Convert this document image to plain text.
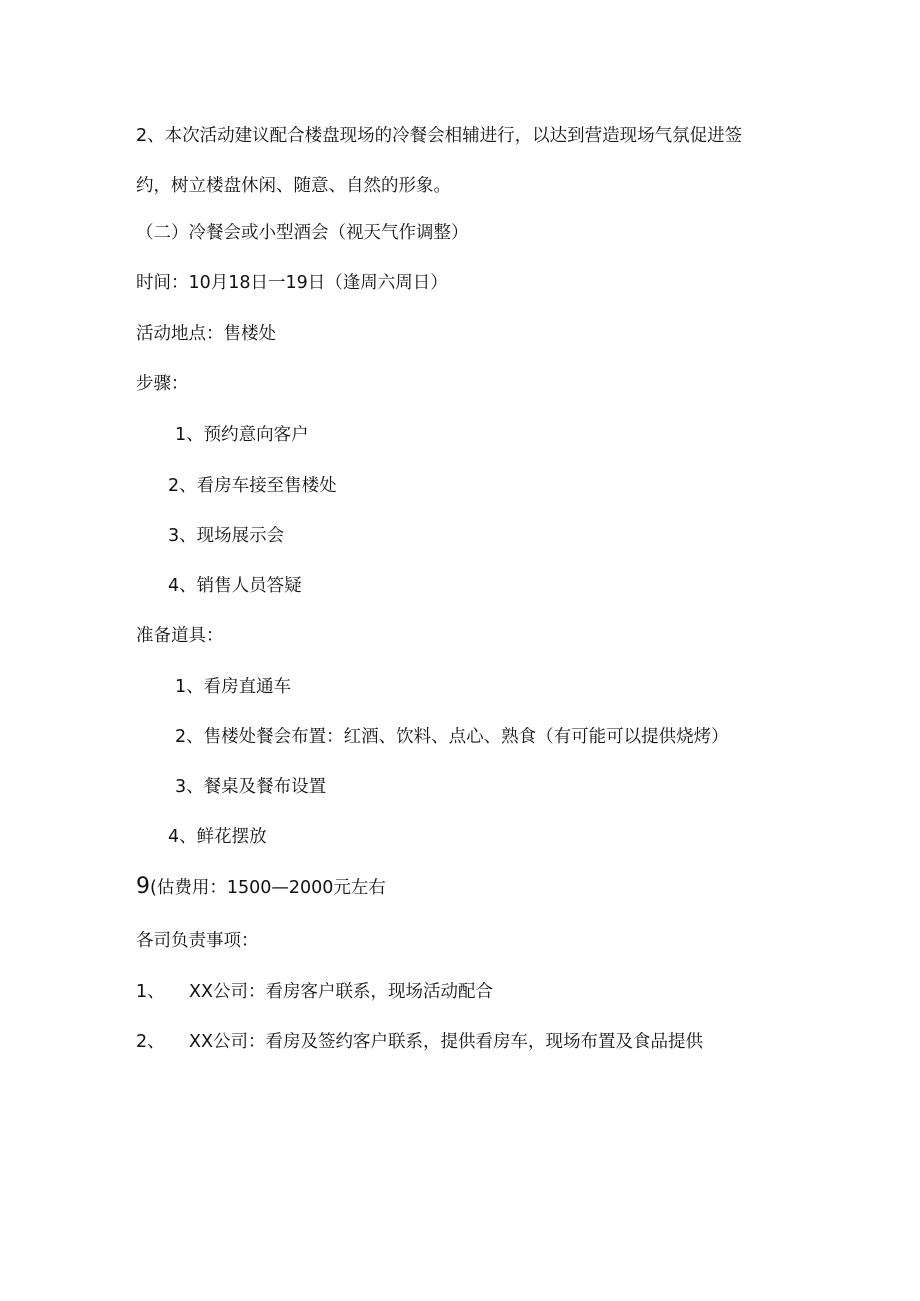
2、本次活动建议配合楼盘现场的冷餐会相辅进行，以达到营造现场气氛促进签

约，树立楼盘休闲、随意、自然的形象。

（二）冷餐会或小型酒会（视天气作调整）

时间：10月18日一19日（逢周六周日）

活动地点：售楼处

步骤：

1、预约意向客户

2、看房车接至售楼处

3、现场展示会

4、销售人员答疑

准备道具：

1、看房直通车

2、售楼处餐会布置：红酒、饮料、点心、熟食（有可能可以提供烧烤）

3、餐桌及餐布设置

4、鲜花摆放

9(估费用：1500—2000元左右

各司负责事项：

1、 XX公司：看房客户联系，现场活动配合

2、 XX公司：看房及签约客户联系，提供看房车，现场布置及食品提供
